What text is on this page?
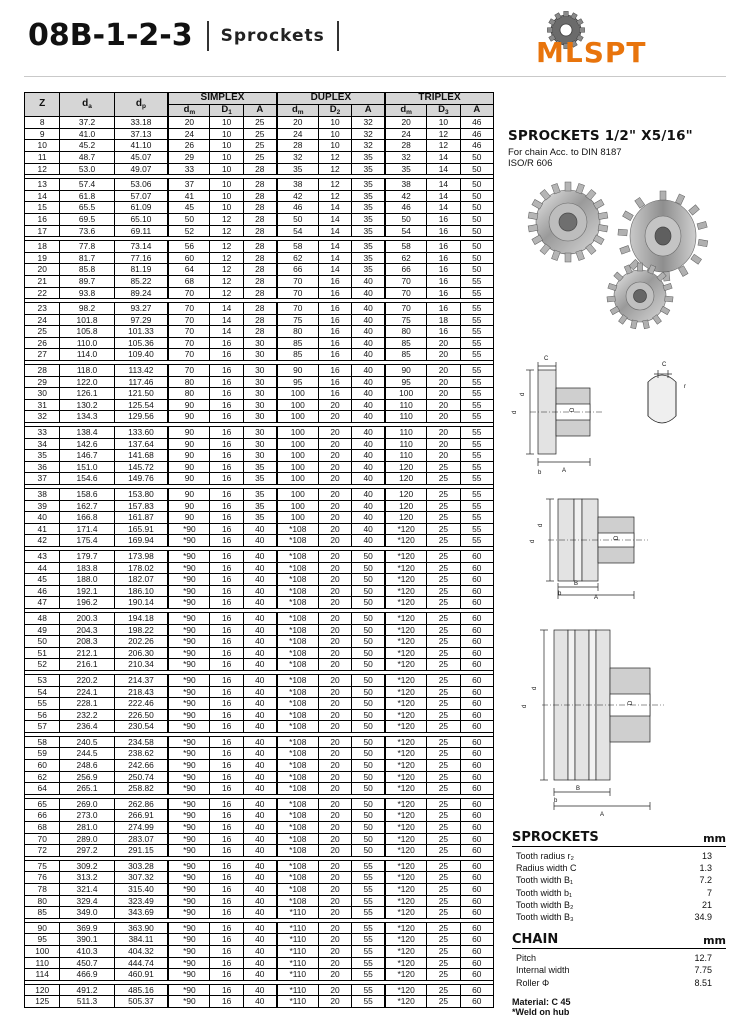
08B-1-2-3 Sprockets
MLSPT
Z	$d_a$	$d_p$	SIMPLEX			DUPLEX			TRIPLEX		
			$d_m$	$D_1$	A	$d_m$	$D_2$	A	$d_m$	$D_3$	A
8	37.2	33.18	20	10	25	20	10	32	20	10	46
9	41.0	37.13	24	10	25	24	10	32	24	12	46
10	45.2	41.10	26	10	25	28	10	32	28	12	46
11	48.7	45.07	29	10	25	32	12	35	32	14	50
12	53.0	49.07	33	10	28	35	12	35	35	14	50

13	57.4	53.06	37	10	28	38	12	35	38	14	50
14	61.8	57.07	41	10	28	42	12	35	42	14	50
15	65.5	61.09	45	10	28	46	14	35	46	14	50
16	69.5	65.10	50	12	28	50	14	35	50	16	50
17	73.6	69.11	52	12	28	54	14	35	54	16	50

18	77.8	73.14	56	12	28	58	14	35	58	16	50
19	81.7	77.16	60	12	28	62	14	35	62	16	50
20	85.8	81.19	64	12	28	66	14	35	66	16	50
21	89.7	85.22	68	12	28	70	16	40	70	16	55
22	93.8	89.24	70	12	28	70	16	40	70	16	55

23	98.2	93.27	70	14	28	70	16	40	70	16	55
24	101.8	97.29	70	14	28	75	16	40	75	18	55
25	105.8	101.33	70	14	28	80	16	40	80	16	55
26	110.0	105.36	70	16	30	85	16	40	85	20	55
27	114.0	109.40	70	16	30	85	16	40	85	20	55

28	118.0	113.42	70	16	30	90	16	40	90	20	55
29	122.0	117.46	80	16	30	95	16	40	95	20	55
30	126.1	121.50	80	16	30	100	16	40	100	20	55
31	130.2	125.54	90	16	30	100	20	40	110	20	55
32	134.3	129.56	90	16	30	100	20	40	110	20	55

33	138.4	133.60	90	16	30	100	20	40	110	20	55
34	142.6	137.64	90	16	30	100	20	40	110	20	55
35	146.7	141.68	90	16	30	100	20	40	110	20	55
36	151.0	145.72	90	16	35	100	20	40	120	25	55
37	154.6	149.76	90	16	35	100	20	40	120	25	55

38	158.6	153.80	90	16	35	100	20	40	120	25	55
39	162.7	157.83	90	16	35	100	20	40	120	25	55
40	166.8	161.87	90	16	35	100	20	40	120	25	55
41	171.4	165.91	*90	16	40	*108	20	40	*120	25	55
42	175.4	169.94	*90	16	40	*108	20	40	*120	25	55

43	179.7	173.98	*90	16	40	*108	20	50	*120	25	60
44	183.8	178.02	*90	16	40	*108	20	50	*120	25	60
45	188.0	182.07	*90	16	40	*108	20	50	*120	25	60
46	192.1	186.10	*90	16	40	*108	20	50	*120	25	60
47	196.2	190.14	*90	16	40	*108	20	50	*120	25	60

48	200.3	194.18	*90	16	40	*108	20	50	*120	25	60
49	204.3	198.22	*90	16	40	*108	20	50	*120	25	60
50	208.3	202.26	*90	16	40	*108	20	50	*120	25	60
51	212.1	206.30	*90	16	40	*108	20	50	*120	25	60
52	216.1	210.34	*90	16	40	*108	20	50	*120	25	60

53	220.2	214.37	*90	16	40	*108	20	50	*120	25	60
54	224.1	218.43	*90	16	40	*108	20	50	*120	25	60
55	228.1	222.46	*90	16	40	*108	20	50	*120	25	60
56	232.2	226.50	*90	16	40	*108	20	50	*120	25	60
57	236.4	230.54	*90	16	40	*108	20	50	*120	25	60

58	240.5	234.58	*90	16	40	*108	20	50	*120	25	60
59	244.5	238.62	*90	16	40	*108	20	50	*120	25	60
60	248.6	242.66	*90	16	40	*108	20	50	*120	25	60
62	256.9	250.74	*90	16	40	*108	20	50	*120	25	60
64	265.1	258.82	*90	16	40	*108	20	50	*120	25	60

65	269.0	262.86	*90	16	40	*108	20	50	*120	25	60
66	273.0	266.91	*90	16	40	*108	20	50	*120	25	60
68	281.0	274.99	*90	16	40	*108	20	50	*120	25	60
70	289.0	283.07	*90	16	40	*108	20	50	*120	25	60
72	297.2	291.15	*90	16	40	*108	20	50	*120	25	60

75	309.2	303.28	*90	16	40	*108	20	55	*120	25	60
76	313.2	307.32	*90	16	40	*108	20	55	*120	25	60
78	321.4	315.40	*90	16	40	*108	20	55	*120	25	60
80	329.4	323.49	*90	16	40	*108	20	55	*120	25	60
85	349.0	343.69	*90	16	40	*110	20	55	*120	25	60

90	369.9	363.90	*90	16	40	*110	20	55	*120	25	60
95	390.1	384.11	*90	16	40	*110	20	55	*120	25	60
100	410.3	404.32	*90	16	40	*110	20	55	*120	25	60
110	450.7	444.74	*90	16	40	*110	20	55	*120	25	60
114	466.9	460.91	*90	16	40	*110	20	55	*120	25	60

120	491.2	485.16	*90	16	40	*110	20	55	*120	25	60
125	511.3	505.37	*90	16	40	*110	20	55	*120	25	60
SPROCKETS 1/2" X5/16"
For chain Acc. to DIN 8187
ISO/R 606
d
d
A
b
C
C
r
D
d
d
B
A
D
b
d
d
b
B
A
D
SPROCKETS	mm
Tooth radius r₂	13
Radius width C	1.3
Tooth width B₁	7.2
Tooth width b₁	7
Tooth width B₂	21
Tooth width B₃	34.9
CHAIN	mm
Pitch	12.7
Internal width	7.75
Roller Φ	8.51
Material: C 45
*Weld on hub
